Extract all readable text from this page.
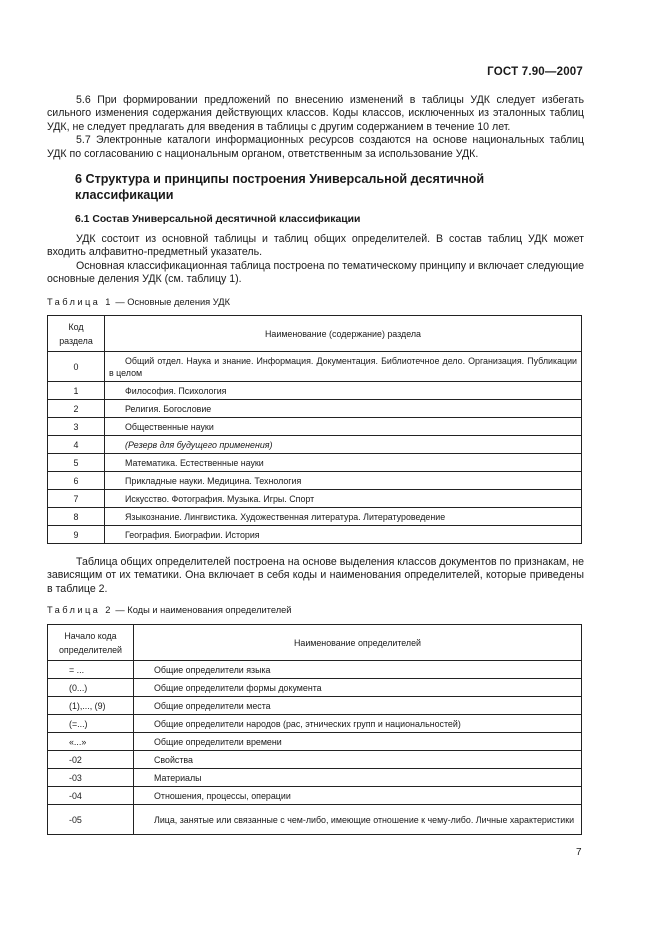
ГОСТ 7.90—2007

5.6 При формировании предложений по внесению изменений в таблицы УДК следует избегать сильного изменения содержания действующих классов. Коды классов, исключенных из эталонных таблиц УДК, не следует предлагать для введения в таблицы с другим содержанием в течение 10 лет.

5.7 Электронные каталоги информационных ресурсов создаются на основе национальных таблиц УДК по согласованию с национальным органом, ответственным за использование УДК.

6 Структура и принципы построения Универсальной десятичной классификации
6.1 Состав Универсальной десятичной классификации

УДК состоит из основной таблицы и таблиц общих определителей. В состав таблиц УДК может входить алфавитно-предметный указатель.

Основная классификационная таблица построена по тематическому принципу и включает следующие основные деления УДК (см. таблицу 1).

Таблица 1 — Основные деления УДК
Код раздела	Наименование (содержание) раздела
0	Общий отдел. Наука и знание. Информация. Документация. Библиотечное дело. Организация. Публикации в целом
1	Философия. Психология
2	Религия. Богословие
3	Общественные науки
4	(Резерв для будущего применения)
5	Математика. Естественные науки
6	Прикладные науки. Медицина. Технология
7	Искусство. Фотография. Музыка. Игры. Спорт
8	Языкознание. Лингвистика. Художественная литература. Литературоведение
9	География. Биографии. История

Таблица общих определителей построена на основе выделения классов документов по признакам, не зависящим от их тематики. Она включает в себя коды и наименования определителей, которые приведены в таблице 2.

Таблица 2 — Коды и наименования определителей
Начало кода определителей	Наименование определителей
= ...	Общие определители языка
(0...)	Общие определители формы документа
(1),..., (9)	Общие определители места
(=...)	Общие определители народов (рас, этнических групп и национальностей)
«...»	Общие определители времени
-02	Свойства
-03	Материалы
-04	Отношения, процессы, операции
-05	Лица, занятые или связанные с чем-либо, имеющие отношение к чему-либо. Личные характеристики
7
